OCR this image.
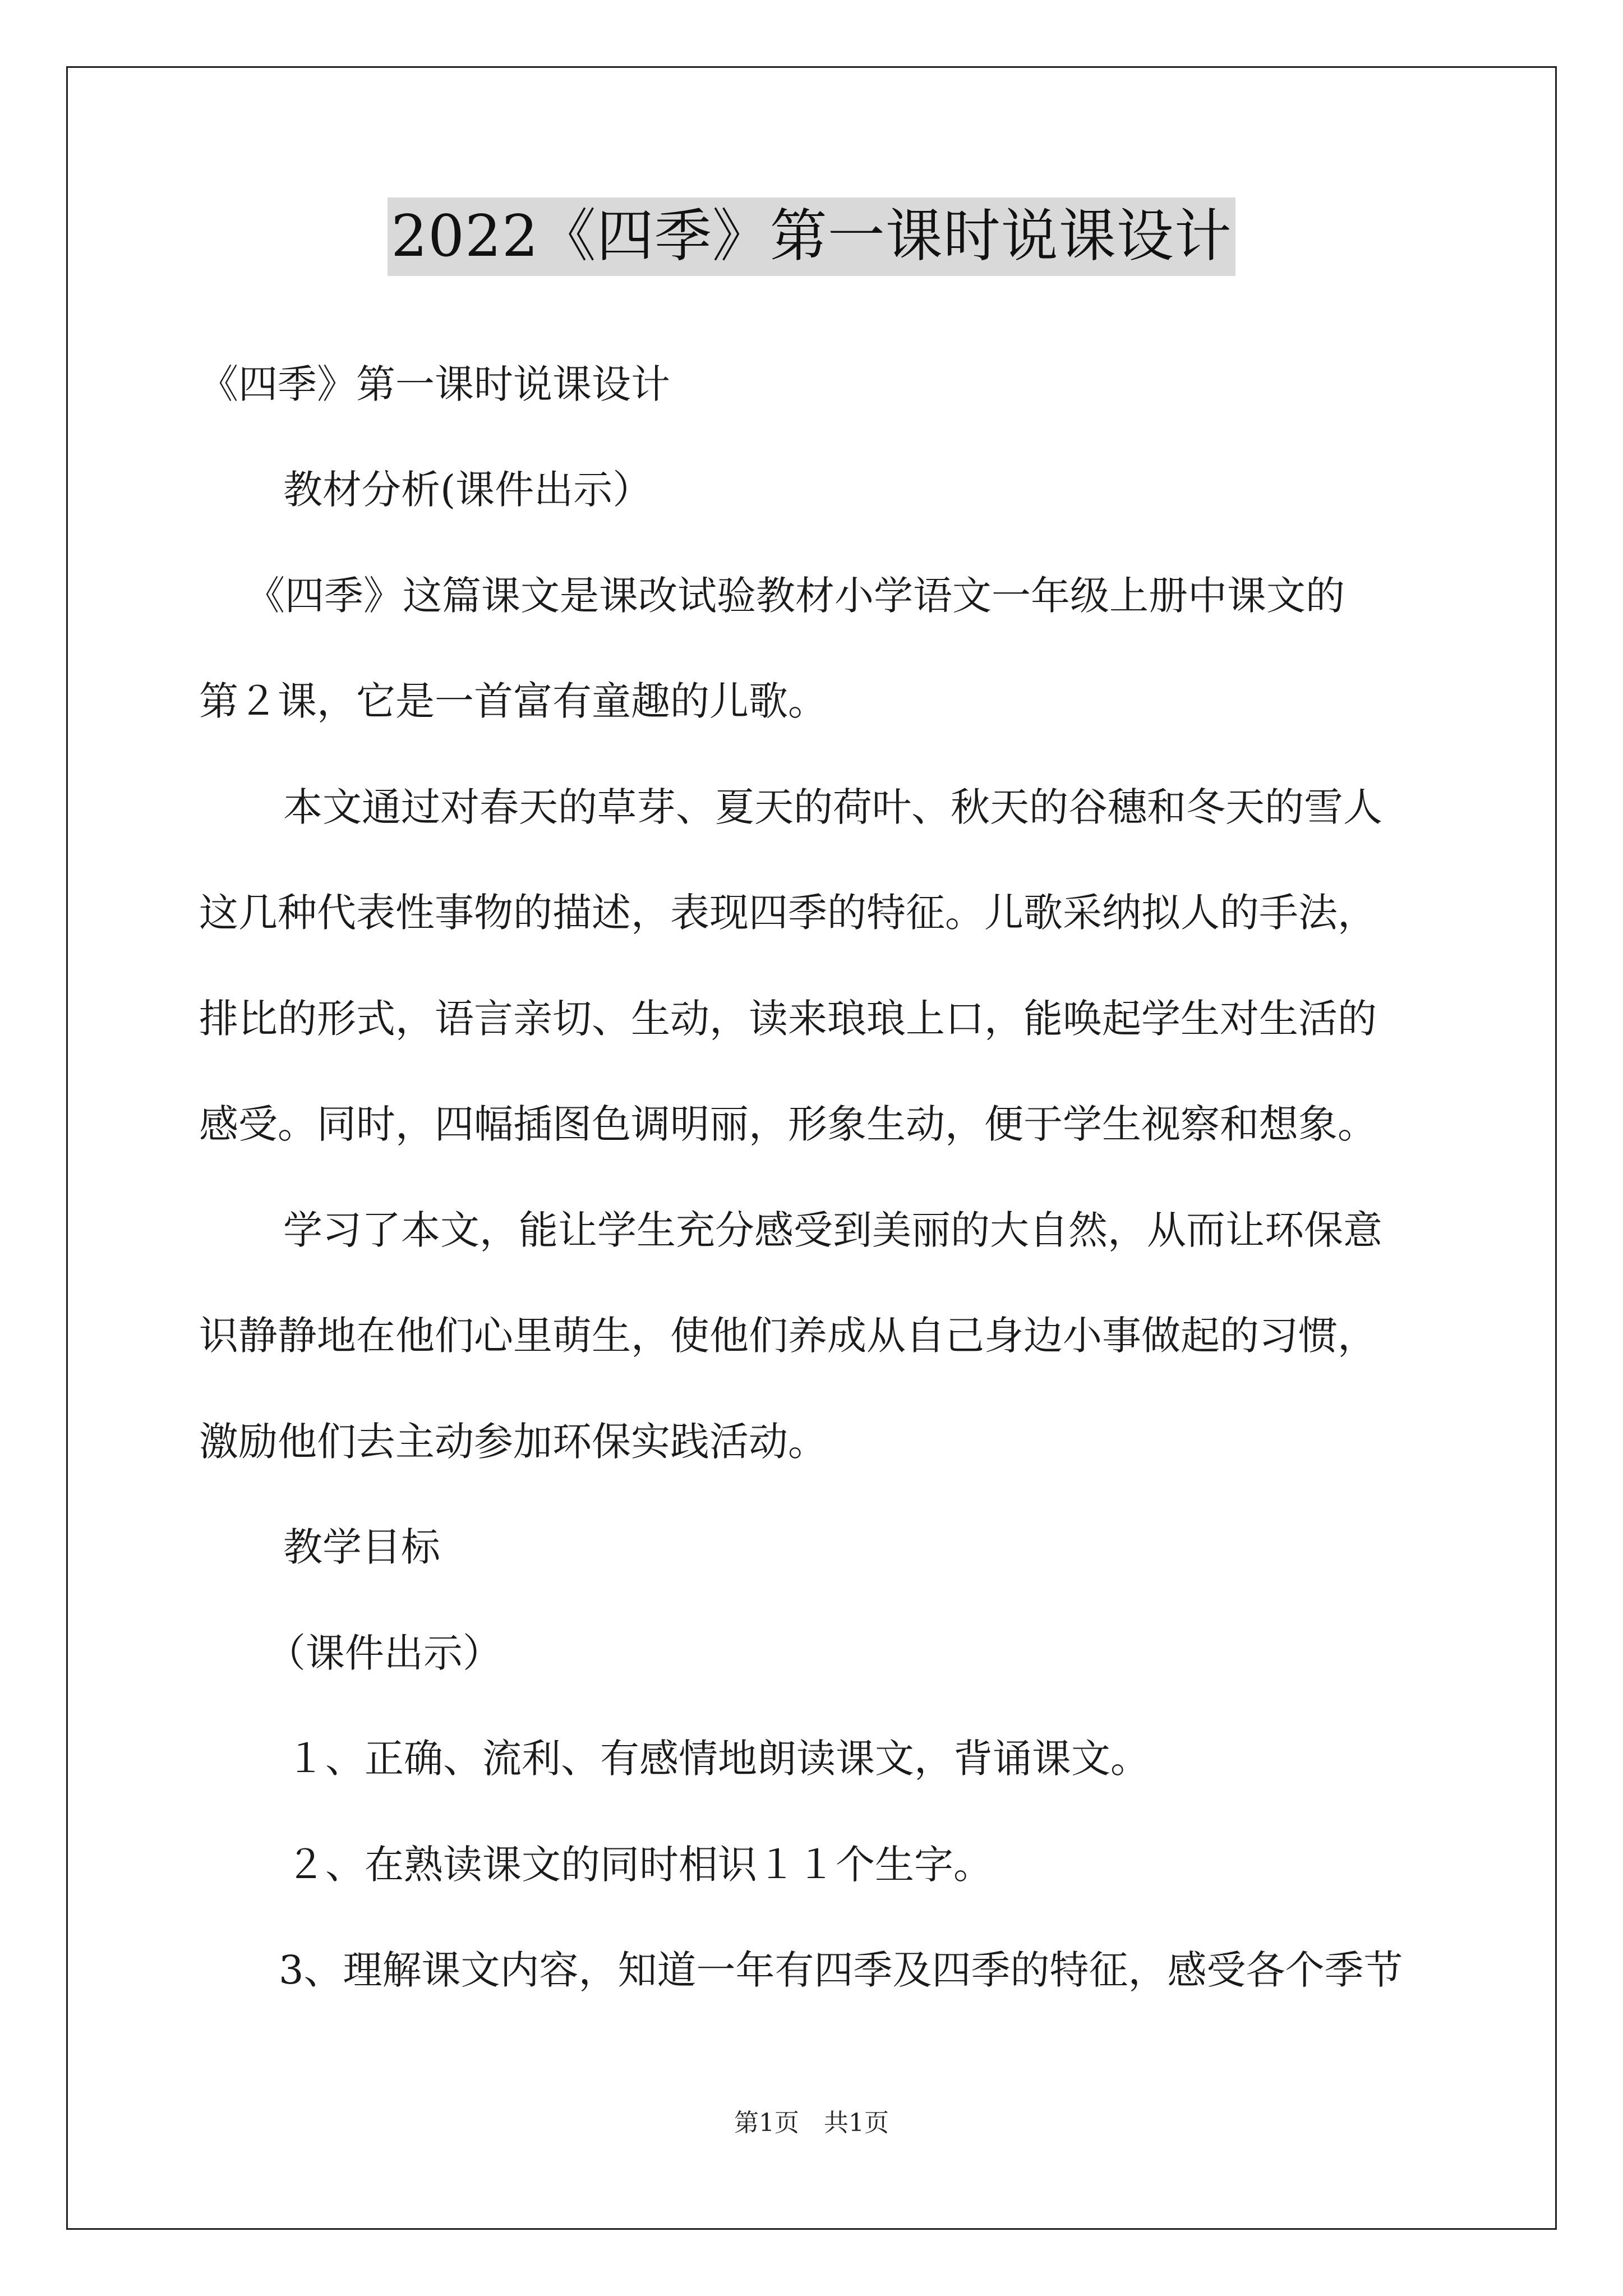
2022《四季》第一课时说课设计
《四季》第一课时说课设计
教材分析(课件出示）
《四季》这篇课文是课改试验教材小学语文一年级上册中课文的
第２课，它是一首富有童趣的儿歌。
本文通过对春天的草芽、夏天的荷叶、秋天的谷穗和冬天的雪人
这几种代表性事物的描述，表现四季的特征。儿歌采纳拟人的手法，
排比的形式，语言亲切、生动，读来琅琅上口，能唤起学生对生活的
感受。同时，四幅插图色调明丽，形象生动，便于学生视察和想象。
学习了本文，能让学生充分感受到美丽的大自然，从而让环保意
识静静地在他们心里萌生，使他们养成从自己身边小事做起的习惯，
激励他们去主动参加环保实践活动。
教学目标
（课件出示）
１、正确、流利、有感情地朗读课文，背诵课文。
２、在熟读课文的同时相识１１个生字。
3、理解课文内容，知道一年有四季及四季的特征，感受各个季节
第1页　共1页
